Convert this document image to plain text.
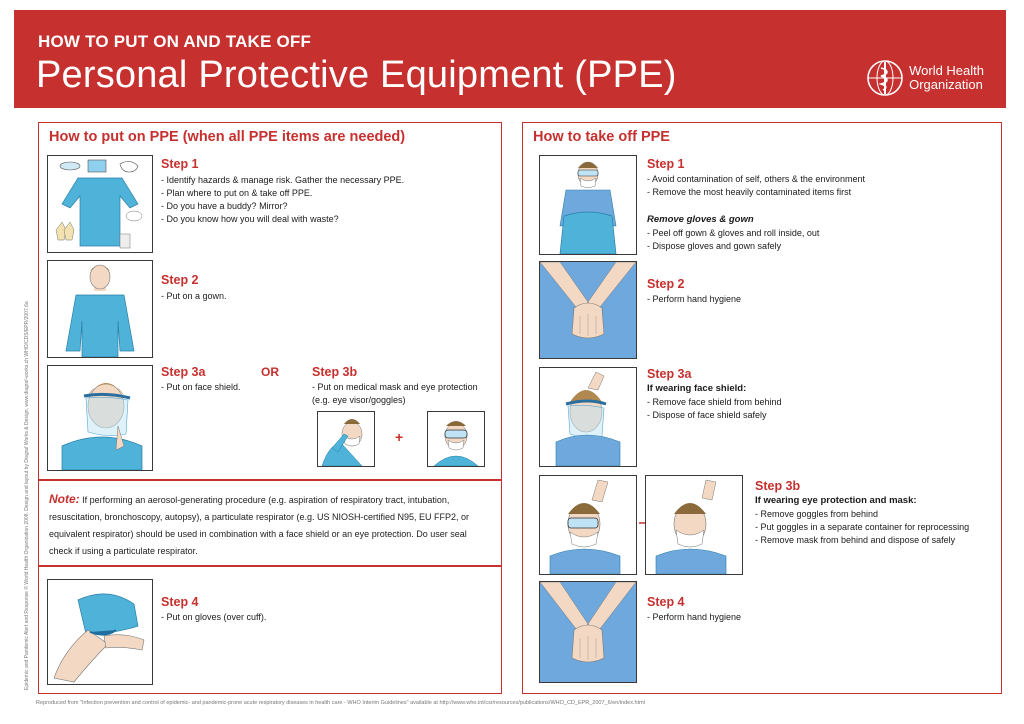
HOW TO PUT ON AND TAKE OFF
Personal Protective Equipment (PPE)	World Health
Organization
Epidemic and Pandemic Alert and Response © World Health Organization 2008. Design and layout by Diagraf Works & Design, www.diagraf-works.ch WHO/CDS/EPR/2007.6a
How to put on PPE (when all PPE items are needed)
Step 1
- Identify hazards & manage risk. Gather the necessary PPE.
- Plan where to put on & take off PPE.
- Do you have a buddy? Mirror?
- Do you know how you will deal with waste?
Step 2
- Put on a gown.
Step 3a
- Put on face shield.
OR	Step 3b
- Put on medical mask and eye protection
(e.g. eye visor/goggles)
+
Note: If performing an aerosol-generating procedure (e.g. aspiration of respiratory tract, intubation, resuscitation, bronchoscopy, autopsy), a particulate respirator (e.g. US NIOSH-certified N95, EU FFP2, or equivalent respirator) should be used in combination with a face shield or an eye protection. Do user seal check if using a particulate respirator.
Step 4
- Put on gloves (over cuff).
How to take off PPE
Step 1
- Avoid contamination of self, others & the environment
- Remove the most heavily contaminated items first
Remove gloves & gown
- Peel off gown & gloves and roll inside, out
- Dispose gloves and gown safely
Step 2
- Perform hand hygiene
Step 3a
If wearing face shield:
- Remove face shield from behind
- Dispose of face shield safely
Step 3b
If wearing eye protection and mask:
- Remove goggles from behind
- Put goggles in a separate container for reprocessing
- Remove mask from behind and dispose of safely
Step 4
- Perform hand hygiene
Reproduced from "Infection prevention and control of epidemic- and pandemic-prone acute respiratory diseases in health care - WHO Interim Guidelines" available at http://www.who.int/csr/resources/publications/WHO_CD_EPR_2007_6/en/index.html
